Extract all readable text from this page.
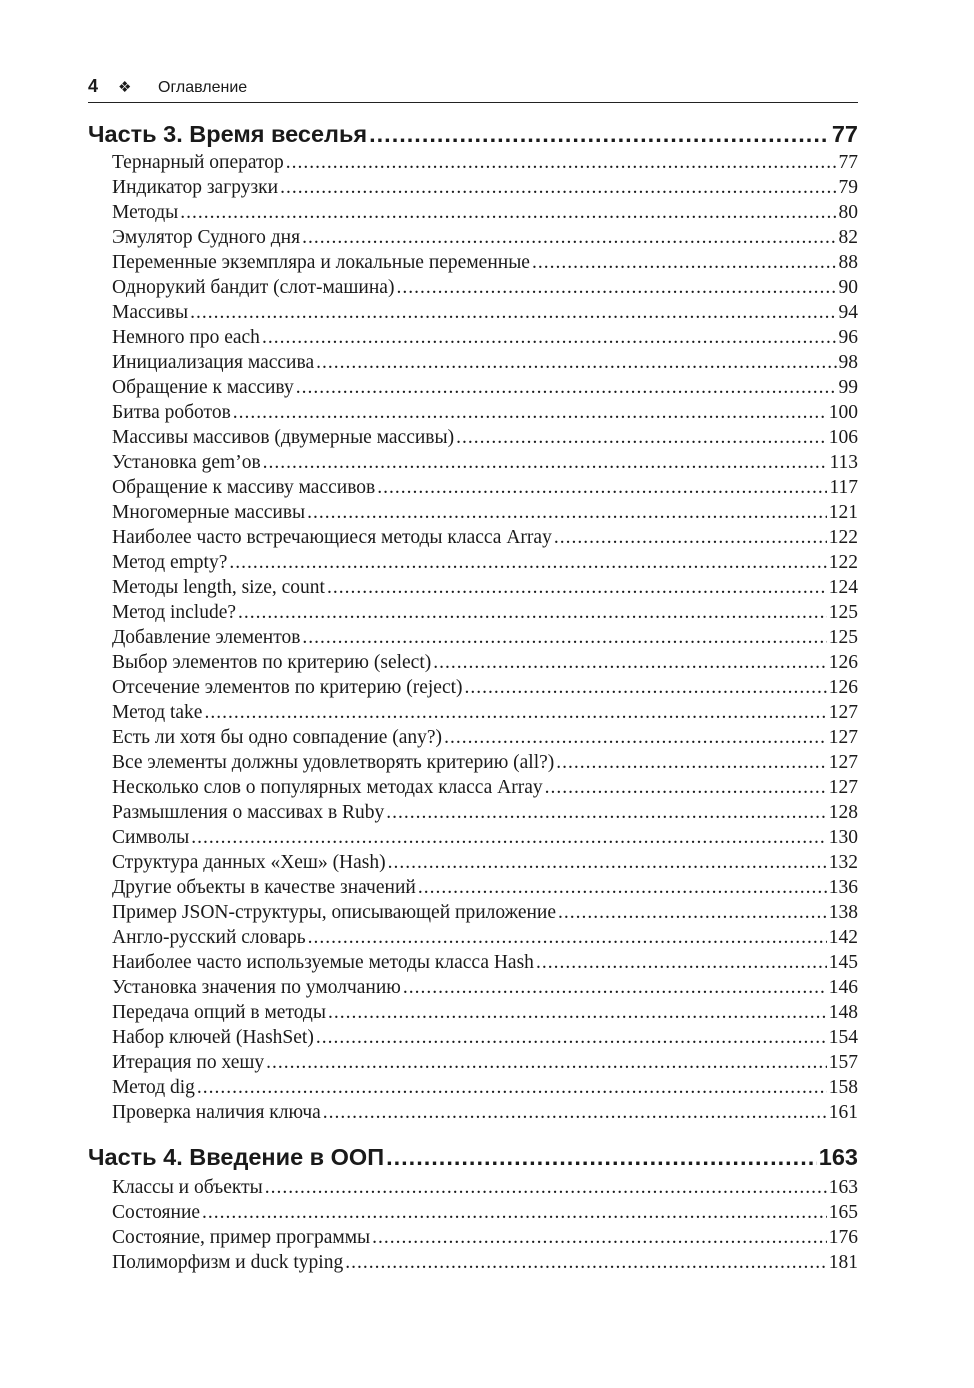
4	❖	Оглавление
Часть 3. Время веселья .....	77
Тернарный оператор .....	77
Индикатор загрузки .....	79
Методы .....	80
Эмулятор Судного дня .....	82
Переменные экземпляра и локальные переменные .....	88
Однорукий бандит (слот-машина) .....	90
Массивы .....	94
Немного про each .....	96
Инициализация массива .....	98
Обращение к массиву .....	99
Битва роботов .....	100
Массивы массивов (двумерные массивы) .....	106
Установка gem’ов .....	113
Обращение к массиву массивов .....	117
Многомерные массивы .....	121
Наиболее часто встречающиеся методы класса Array .....	122
Метод empty? .....	122
Методы length, size, count .....	124
Метод include? .....	125
Добавление элементов .....	125
Выбор элементов по критерию (select) .....	126
Отсечение элементов по критерию (reject) .....	126
Метод take .....	127
Есть ли хотя бы одно совпадение (any?) .....	127
Все элементы должны удовлетворять критерию (all?) .....	127
Несколько слов о популярных методах класса Array .....	127
Размышления о массивах в Ruby .....	128
Символы .....	130
Структура данных «Хеш» (Hash) .....	132
Другие объекты в качестве значений .....	136
Пример JSON-структуры, описывающей приложение .....	138
Англо-русский словарь .....	142
Наиболее часто используемые методы класса Hash .....	145
Установка значения по умолчанию .....	146
Передача опций в методы .....	148
Набор ключей (HashSet) .....	154
Итерация по хешу .....	157
Метод dig .....	158
Проверка наличия ключа .....	161
Часть 4. Введение в ООП .....	163
Классы и объекты .....	163
Состояние .....	165
Состояние, пример программы .....	176
Полиморфизм и duck typing .....	181
